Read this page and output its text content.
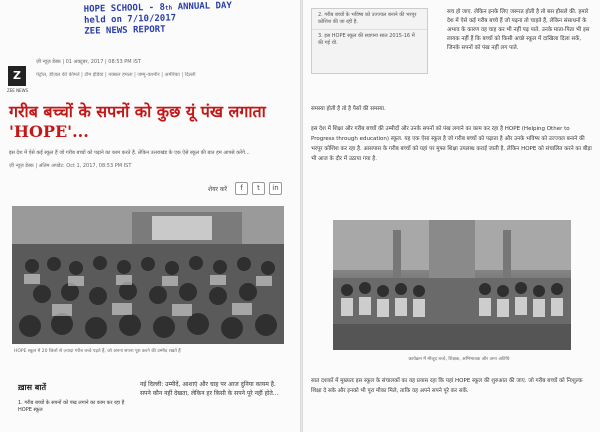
HOPE SCHOOL - 8th ANNUAL DAY
held on 7/10/2017
ZEE NEWS REPORT
Z
ZEE NEWS
ज़ी न्यूज़ डेस्क | 01 अक्टूबर, 2017 | 08:53 PM IST
पेट्रोल, डीज़ल की कीमतें | टीम इंडिया | नक्सल हमला | जम्मू-कश्मीर | अमेरिका | दिल्ली
गरीब बच्चों के सपनों को कुछ यूं पंख लगाता 'HOPE'...
इस देश में ऐसे कई स्कूल हैं जो गरीब बच्चों को पढ़ाने का काम करते हैं. लेकिन उत्तराखंड के एक ऐसे स्कूल की बात हम आपसे करेंगे...
ज़ी न्यूज़ डेस्क | अंतिम अपडेट: Oct 1, 2017, 08:53 PM IST
शेयर करें	f	t	in
HOPE स्कूल में 20 जिलों से ज़्यादा गरीब बच्चे पढ़ते हैं, जो अपना सपना पूरा करने की उम्मीद रखते हैं
ख़ास बातें
1. गरीब बच्चों के सपनों को पंख लगाने का काम कर रहा है HOPE स्कूल
नई दिल्ली: उम्मीदें, आशाएं और चाह पर आज दुनिया कायम है. सपने कौन नहीं देखता, लेकिन हर किसी के सपने पूरे नहीं होते...
2. गरीब बच्चों के भविष्य को उज्ज्वल बनाने की भरपूर कोशिश की जा रही है.
3. इस HOPE स्कूल की स्थापना साल 2015-16 में की गई थी.
सच हो जाए. लेकिन इनके लिए जरूरत होती है तो बस हौसले की. हमारे देश में ऐसे कई गरीब बच्चे हैं जो पढ़ना तो चाहते हैं, लेकिन संसाधनों के अभाव के कारण वह चाह कर भी नहीं पढ़ पाते. उनके माता-पिता भी इस लायक नहीं हैं कि बच्चों को किसी अच्छे स्कूल में दाखिला दिला सकें, जिनके सपनों को पंख नहीं लग पाते.
समस्या होती है तो है पैसों की समस्या.
इस देश में शिक्षा और गरीब बच्चों की उम्मीदों और उनके सपनों को पंख लगाने का काम कर रहा है HOPE (Helping Other to Progress through education) स्कूल. यह एक ऐसा स्कूल है जो गरीब बच्चों को पढ़ाता है और उनके भविष्य को उज्ज्वल बनाने की भरपूर कोशिश कर रहा है. आसपास के गरीब बच्चों को यहां पर मुफ्त शिक्षा उपलब्ध कराई जाती है. लेकिन HOPE को संचालित करने का बीड़ा भी आज के दौर में उठाया गया है.
कार्यक्रम में मौजूद बच्चे, शिक्षक, अभिभावक और अन्य अतिथि
सात दशकों में मुख्यतः इस स्कूल के संचालकों का यह प्रयास रहा कि यहां HOPE स्कूल की शुरुआत की जाए. जो गरीब बच्चों को निःशुल्क शिक्षा दे सके और इनको भी पूरा मौका मिले, ताकि वह अपने सपने पूरे कर सकें.
